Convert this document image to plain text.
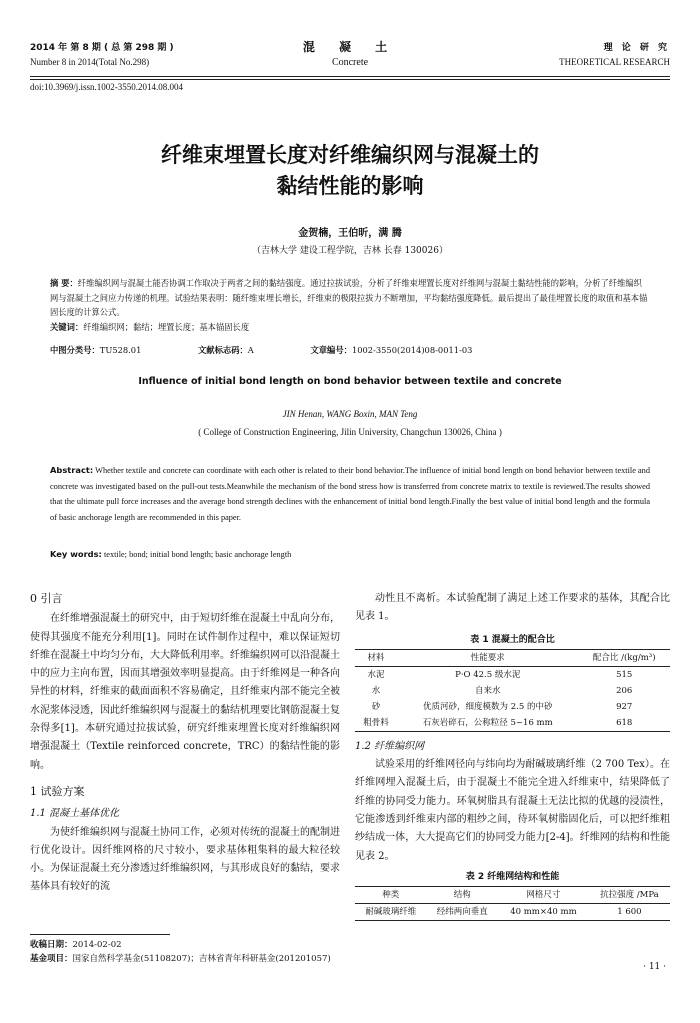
2014 年 第 8 期 ( 总 第 298 期 )
Number 8 in 2014(Total No.298)
混 凝 土
Concrete
理 论 研 究
THEORETICAL RESEARCH
doi:10.3969/j.issn.1002-3550.2014.08.004
纤维束埋置长度对纤维编织网与混凝土的
黏结性能的影响
金贺楠，王伯昕，满 腾
（吉林大学 建设工程学院，吉林 长春 130026）
摘 要：纤维编织网与混凝土能否协调工作取决于两者之间的黏结强度。通过拉拔试验，分析了纤维束埋置长度对纤维网与混凝土黏结性能的影响，分析了纤维编织网与混凝土之间应力传递的机理。试验结果表明：随纤维束埋长增长，纤维束的极限拉拔力不断增加，平均黏结强度降低。最后提出了最佳埋置长度的取值和基本锚固长度的计算公式。
关键词：纤维编织网；黏结；埋置长度；基本锚固长度
中图分类号：TU528.01	文献标志码：A	文章编号：1002-3550(2014)08-0011-03
Influence of initial bond length on bond behavior between textile and concrete
JIN Henan, WANG Boxin, MAN Teng
( College of Construction Engineering, Jilin University, Changchun 130026, China )
Abstract: Whether textile and concrete can coordinate with each other is related to their bond behavior.The influence of initial bond length on bond behavior between textile and concrete was investigated based on the pull-out tests.Meanwhile the mechanism of the bond stress how is transferred from concrete matrix to textile is reviewed.The results showed that the ultimate pull force increases and the average bond strength declines with the enhancement of initial bond length.Finally the best value of initial bond length and the formula of basic anchorage length are recommended in this paper.
Key words: textile; bond; initial bond length; basic anchorage length
0 引言
在纤维增强混凝土的研究中，由于短切纤维在混凝土中乱向分布，使得其强度不能充分利用[1]。同时在试件制作过程中，难以保证短切纤维在混凝土中均匀分布，大大降低利用率。纤维编织网可以沿混凝土中的应力主向布置，因而其增强效率明显提高。由于纤维网是一种各向异性的材料，纤维束的截面面积不容易确定，且纤维束内部不能完全被水泥浆体浸透，因此纤维编织网与混凝土的黏结机理要比钢筋混凝土复杂得多[1]。本研究通过拉拔试验，研究纤维束埋置长度对纤维编织网增强混凝土（Textile reinforced concrete，TRC）的黏结性能的影响。
1 试验方案
1.1 混凝土基体优化
为使纤维编织网与混凝土协同工作，必须对传统的混凝土的配制进行优化设计。因纤维网格的尺寸较小，要求基体粗集料的最大粒径较小。为保证混凝土充分渗透过纤维编织网，与其形成良好的黏结，要求基体具有较好的流
动性且不离析。本试验配制了满足上述工作要求的基体，其配合比见表 1。
表 1 混凝土的配合比
材料	性能要求	配合比 /(kg/m³)
水泥	P·O 42.5 级水泥	515
水	自来水	206
砂	优质河砂，细度模数为 2.5 的中砂	927
粗骨料	石灰岩碎石，公称粒径 5~16 mm	618
1.2 纤维编织网
试验采用的纤维网径向与纬向均为耐碱玻璃纤维（2 700 Tex）。在纤维网埋入混凝土后，由于混凝土不能完全进入纤维束中，结果降低了纤维的协同受力能力。环氧树脂具有混凝土无法比拟的优越的浸渍性，它能渗透到纤维束内部的粗纱之间，待环氧树脂固化后，可以把纤维粗纱结成一体，大大提高它们的协同受力能力[2-4]。纤维网的结构和性能见表 2。
表 2 纤维网结构和性能
种类	结构	网格尺寸	抗拉强度 /MPa
耐碱玻璃纤维	经纬两向垂直	40 mm×40 mm	1 600
收稿日期：2014-02-02
基金项目：国家自然科学基金(51108207)；吉林省青年科研基金(201201057)
· 11 ·
